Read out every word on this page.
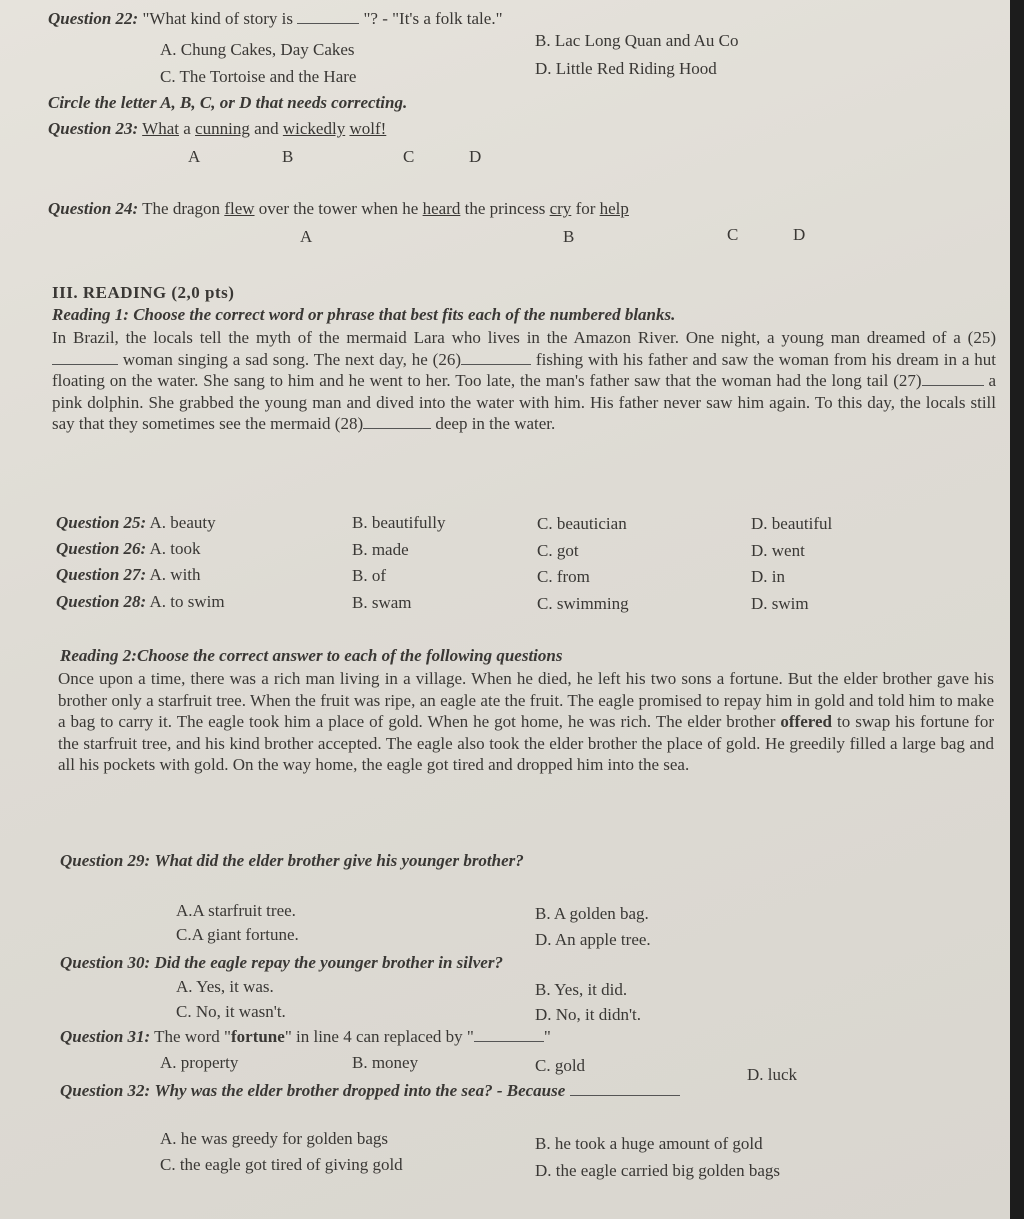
Question 22: "What kind of story is	"? - "It's a folk tale."
A. Chung Cakes, Day Cakes	B. Lac Long Quan and Au Co
C. The Tortoise and the Hare	D. Little Red Riding Hood
Circle the letter A, B, C, or D that needs correcting.
Question 23: What a cunning and wickedly wolf!
A	B	C	D
Question 24: The dragon flew over the tower when he heard the princess cry for help
A	B	C	D
III. READING (2,0 pts)
Reading 1: Choose the correct word or phrase that best fits each of the numbered blanks.
In Brazil, the locals tell the myth of the mermaid Lara who lives in the Amazon River. One night, a young man dreamed of a (25) woman singing a sad song. The next day, he (26)	fishing with his father and saw the woman from his dream in a hut floating on the water. She sang to him and he went to her. Too late, the man's father saw that the woman had the long tail (27)	a pink dolphin. She grabbed the young man and dived into the water with him. His father never saw him again. To this day, the locals still say that they sometimes see the mermaid (28)	deep in the water.
Question 25: A. beauty	B. beautifully	C. beautician	D. beautiful
Question 26: A. took	B. made	C. got	D. went
Question 27: A. with	B. of	C. from	D. in
Question 28: A. to swim	B. swam	C. swimming	D. swim
Reading 2:Choose the correct answer to each of the following questions
Once upon a time, there was a rich man living in a village. When he died, he left his two sons a fortune. But the elder brother gave his brother only a starfruit tree. When the fruit was ripe, an eagle ate the fruit. The eagle promised to repay him in gold and told him to make a bag to carry it. The eagle took him a place of gold. When he got home, he was rich. The elder brother offered to swap his fortune for the starfruit tree, and his kind brother accepted. The eagle also took the elder brother the place of gold. He greedily filled a large bag and all his pockets with gold. On the way home, the eagle got tired and dropped him into the sea.
Question 29: What did the elder brother give his younger brother?
A.A starfruit tree.	B. A golden bag.
C.A giant fortune.	D. An apple tree.
Question 30: Did the eagle repay the younger brother in silver?
A. Yes, it was.	B. Yes, it did.
C. No, it wasn't.	D. No, it didn't.
Question 31: The word "fortune" in line 4 can replaced by "	"
A. property	B. money	C. gold	D. luck
Question 32: Why was the elder brother dropped into the sea? - Because
A. he was greedy for golden bags	B. he took a huge amount of gold
C. the eagle got tired of giving gold	D. the eagle carried big golden bags
